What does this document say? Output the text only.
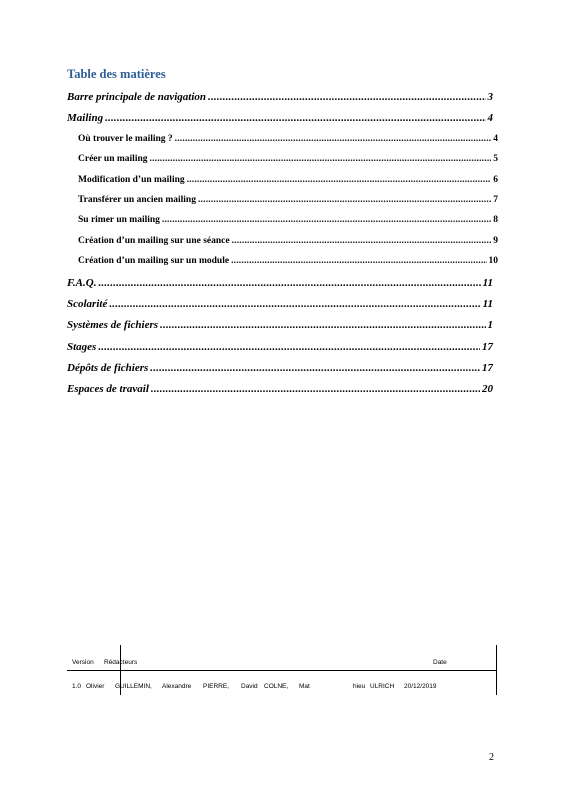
Table des matières
Barre principale de navigation .....	3
Mailing .....	4
Où trouver le mailing ? .....	4
Créer un mailing .....	5
Modification d’un mailing .....	6
Transférer un ancien mailing .....	7
Su rimer un mailing .....	8
Création d’un mailing sur une séance .....	9
Création d’un mailing sur un module .....	10
F.A.Q. .....	11
Scolarité .....	11
Systèmes de fichiers .....	1
Stages .....	17
Dépôts de fichiers .....	17
Espaces de travail .....	20
Version Rédacteurs	Date
1.0 Olivier GUILLEMIN, Alexandre PIERRE, David COLNE, Mat	hieu ULRICH 20/12/2019
2
